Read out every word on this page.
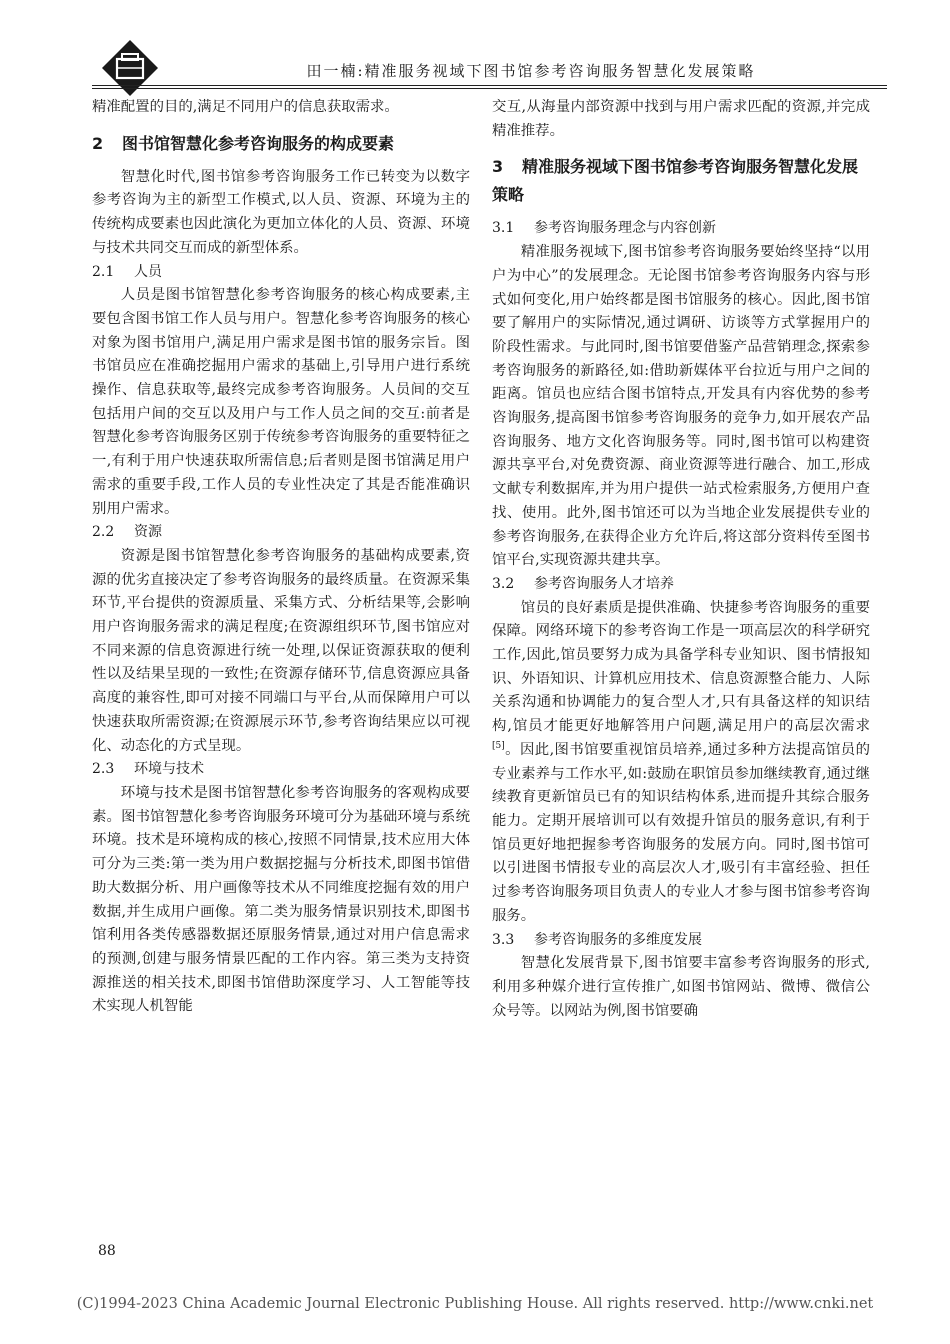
田一楠:精准服务视域下图书馆参考咨询服务智慧化发展策略

精准配置的目的,满足不同用户的信息获取需求。

2 图书馆智慧化参考咨询服务的构成要素

智慧化时代,图书馆参考咨询服务工作已转变为以数字参考咨询为主的新型工作模式,以人员、资源、环境为主的传统构成要素也因此演化为更加立体化的人员、资源、环境与技术共同交互而成的新型体系。

2.1 人员

人员是图书馆智慧化参考咨询服务的核心构成要素,主要包含图书馆工作人员与用户。智慧化参考咨询服务的核心对象为图书馆用户,满足用户需求是图书馆的服务宗旨。图书馆员应在准确挖掘用户需求的基础上,引导用户进行系统操作、信息获取等,最终完成参考咨询服务。人员间的交互包括用户间的交互以及用户与工作人员之间的交互:前者是智慧化参考咨询服务区别于传统参考咨询服务的重要特征之一,有利于用户快速获取所需信息;后者则是图书馆满足用户需求的重要手段,工作人员的专业性决定了其是否能准确识别用户需求。

2.2 资源

资源是图书馆智慧化参考咨询服务的基础构成要素,资源的优劣直接决定了参考咨询服务的最终质量。在资源采集环节,平台提供的资源质量、采集方式、分析结果等,会影响用户咨询服务需求的满足程度;在资源组织环节,图书馆应对不同来源的信息资源进行统一处理,以保证资源获取的便利性以及结果呈现的一致性;在资源存储环节,信息资源应具备高度的兼容性,即可对接不同端口与平台,从而保障用户可以快速获取所需资源;在资源展示环节,参考咨询结果应以可视化、动态化的方式呈现。

2.3 环境与技术

环境与技术是图书馆智慧化参考咨询服务的客观构成要素。图书馆智慧化参考咨询服务环境可分为基础环境与系统环境。技术是环境构成的核心,按照不同情景,技术应用大体可分为三类:第一类为用户数据挖掘与分析技术,即图书馆借助大数据分析、用户画像等技术从不同维度挖掘有效的用户数据,并生成用户画像。第二类为服务情景识别技术,即图书馆利用各类传感器数据还原服务情景,通过对用户信息需求的预测,创建与服务情景匹配的工作内容。第三类为支持资源推送的相关技术,即图书馆借助深度学习、人工智能等技术实现人机智能

交互,从海量内部资源中找到与用户需求匹配的资源,并完成精准推荐。

3 精准服务视域下图书馆参考咨询服务智慧化发展策略
3.1 参考咨询服务理念与内容创新

精准服务视域下,图书馆参考咨询服务要始终坚持“以用户为中心”的发展理念。无论图书馆参考咨询服务内容与形式如何变化,用户始终都是图书馆服务的核心。因此,图书馆要了解用户的实际情况,通过调研、访谈等方式掌握用户的阶段性需求。与此同时,图书馆要借鉴产品营销理念,探索参考咨询服务的新路径,如:借助新媒体平台拉近与用户之间的距离。馆员也应结合图书馆特点,开发具有内容优势的参考咨询服务,提高图书馆参考咨询服务的竞争力,如开展农产品咨询服务、地方文化咨询服务等。同时,图书馆可以构建资源共享平台,对免费资源、商业资源等进行融合、加工,形成文献专利数据库,并为用户提供一站式检索服务,方便用户查找、使用。此外,图书馆还可以为当地企业发展提供专业的参考咨询服务,在获得企业方允许后,将这部分资料传至图书馆平台,实现资源共建共享。

3.2 参考咨询服务人才培养

馆员的良好素质是提供准确、快捷参考咨询服务的重要保障。网络环境下的参考咨询工作是一项高层次的科学研究工作,因此,馆员要努力成为具备学科专业知识、图书情报知识、外语知识、计算机应用技术、信息资源整合能力、人际关系沟通和协调能力的复合型人才,只有具备这样的知识结构,馆员才能更好地解答用户问题,满足用户的高层次需求[5]。因此,图书馆要重视馆员培养,通过多种方法提高馆员的专业素养与工作水平,如:鼓励在职馆员参加继续教育,通过继续教育更新馆员已有的知识结构体系,进而提升其综合服务能力。定期开展培训可以有效提升馆员的服务意识,有利于馆员更好地把握参考咨询服务的发展方向。同时,图书馆可以引进图书情报专业的高层次人才,吸引有丰富经验、担任过参考咨询服务项目负责人的专业人才参与图书馆参考咨询服务。

3.3 参考咨询服务的多维度发展

智慧化发展背景下,图书馆要丰富参考咨询服务的形式,利用多种媒介进行宣传推广,如图书馆网站、微博、微信公众号等。以网站为例,图书馆要确

88
(C)1994-2023 China Academic Journal Electronic Publishing House. All rights reserved. http://www.cnki.net
